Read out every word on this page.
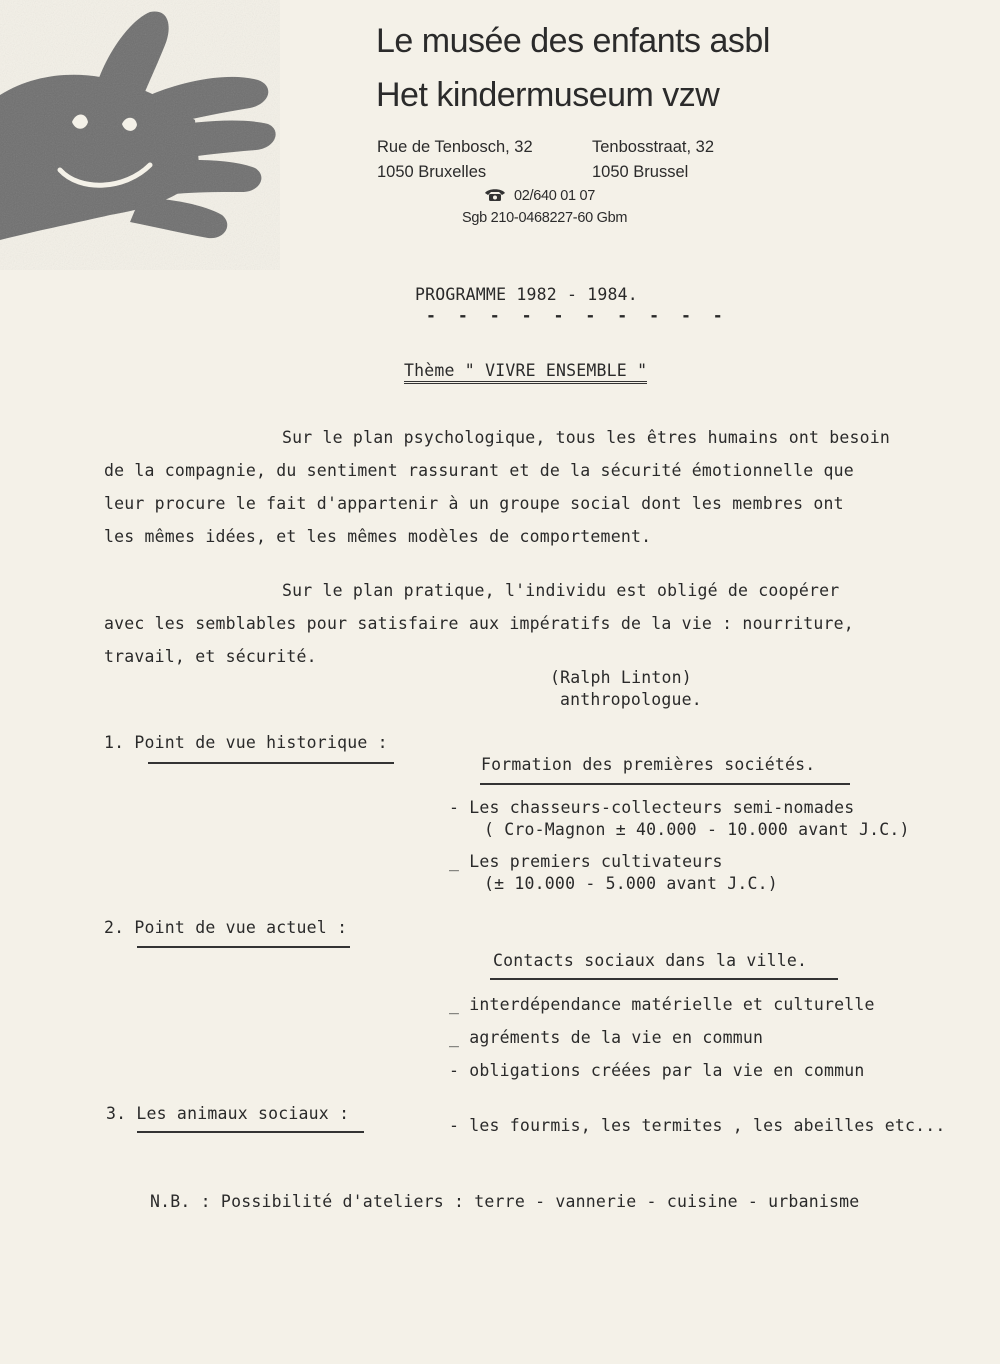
Le musée des enfants asbl
Het kindermuseum vzw
Rue de Tenbosch, 32
1050 Bruxelles
Tenbosstraat, 32
1050 Brussel
02/640 01 07
Sgb 210-0468227-60 Gbm
PROGRAMME 1982 - 1984.
- - - - - - - - - -
Thème " VIVRE ENSEMBLE "
Sur le plan psychologique, tous les êtres humains ont besoin
de la compagnie, du sentiment rassurant et de la sécurité émotionnelle que
leur procure le fait d'appartenir à un groupe social dont les membres ont
les mêmes idées, et les mêmes modèles de comportement.
Sur le plan pratique, l'individu est obligé de coopérer
avec les semblables pour satisfaire aux impératifs de la vie : nourriture,
travail, et sécurité.
(Ralph Linton)
anthropologue.
1. Point de vue historique :
Formation des premières sociétés.
- Les chasseurs-collecteurs semi-nomades
( Cro-Magnon ± 40.000 - 10.000 avant J.C.)
_ Les premiers cultivateurs
(± 10.000 - 5.000 avant J.C.)
2. Point de vue actuel :
Contacts sociaux dans la ville.
_ interdépendance matérielle et culturelle
_ agréments de la vie en commun
- obligations créées par la vie en commun
3. Les animaux sociaux :
- les fourmis, les termites , les abeilles etc...
N.B. : Possibilité d'ateliers : terre - vannerie - cuisine - urbanisme
